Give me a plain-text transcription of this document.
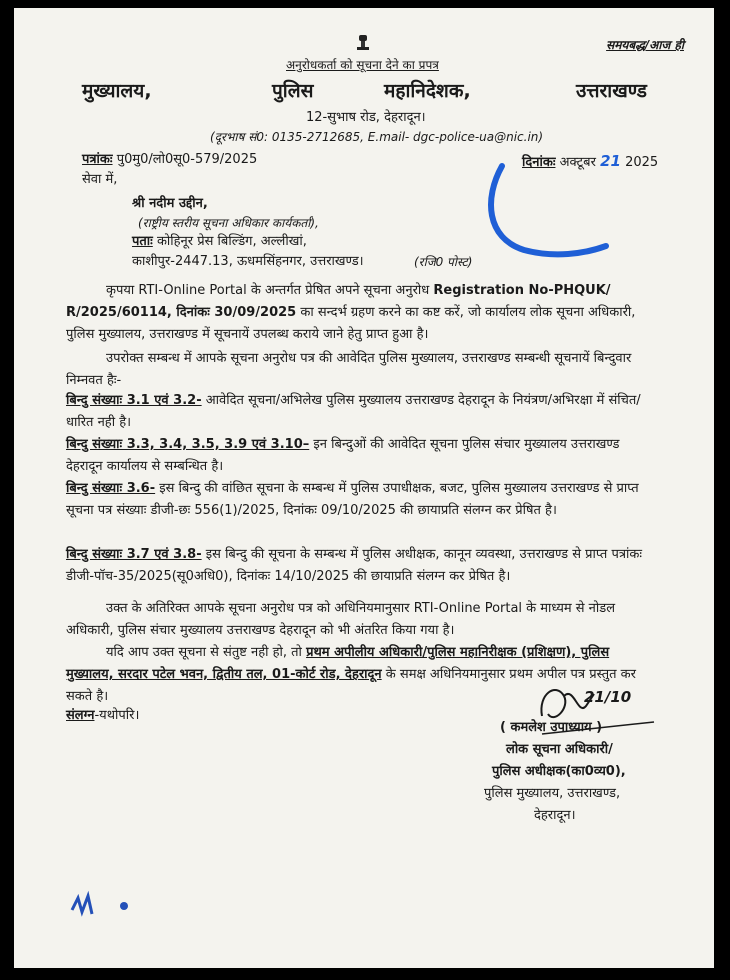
समयबद्ध/आज ही
अनुरोधकर्ता को सूचना देने का प्रपत्र
मुख्यालय,	पुलिस	महानिदेशक,	उत्तराखण्ड
12-सुभाष रोड, देहरादून।
(दूरभाष सं0: 0135-2712685, E.mail- dgc-police-ua@nic.in)
पत्रांकः पु0मु0/लो0सू0-579/2025	दिनांकः अक्टूबर 21 2025
सेवा में,
श्री नदीम उद्दीन,
(राष्ट्रीय स्तरीय सूचना अधिकार कार्यकर्ता),
पताः कोहिनूर प्रेस बिल्डिंग, अल्लीखां,
काशीपुर-2447.13, ऊधमसिंहनगर, उत्तराखण्ड।	(रजि0 पोस्ट)
कृपया RTI-Online Portal के अन्तर्गत प्रेषित अपने सूचना अनुरोध Registration No-PHQUK/ R/2025/60114, दिनांकः 30/09/2025 का सन्दर्भ ग्रहण करने का कष्ट करें, जो कार्यालय लोक सूचना अधिकारी, पुलिस मुख्यालय, उत्तराखण्ड में सूचनायें उपलब्ध कराये जाने हेतु प्राप्त हुआ है।
उपरोक्त सम्बन्ध में आपके सूचना अनुरोध पत्र की आवेदित पुलिस मुख्यालय, उत्तराखण्ड सम्बन्धी सूचनायें बिन्दुवार निम्नवत हैः-
बिन्दु संख्याः 3.1 एवं 3.2- आवेदित सूचना/अभिलेख पुलिस मुख्यालय उत्तराखण्ड देहरादून के नियंत्रण/अभिरक्षा में संचित/धारित नही है।
बिन्दु संख्याः 3.3, 3.4, 3.5, 3.9 एवं 3.10– इन बिन्दुओं की आवेदित सूचना पुलिस संचार मुख्यालय उत्तराखण्ड देहरादून कार्यालय से सम्बन्धित है।
बिन्दु संख्याः 3.6- इस बिन्दु की वांछित सूचना के सम्बन्ध में पुलिस उपाधीक्षक, बजट, पुलिस मुख्यालय उत्तराखण्ड से प्राप्त सूचना पत्र संख्याः डीजी-छः 556(1)/2025, दिनांकः 09/10/2025 की छायाप्रति संलग्न कर प्रेषित है।
बिन्दु संख्याः 3.7 एवं 3.8- इस बिन्दु की सूचना के सम्बन्ध में पुलिस अधीक्षक, कानून व्यवस्था, उत्तराखण्ड से प्राप्त पत्रांकः डीजी-पॉच-35/2025(सू0अधि0), दिनांकः 14/10/2025 की छायाप्रति संलग्न कर प्रेषित है।
उक्त के अतिरिक्त आपके सूचना अनुरोध पत्र को अधिनियमानुसार RTI-Online Portal के माध्यम से नोडल अधिकारी, पुलिस संचार मुख्यालय उत्तराखण्ड देहरादून को भी अंतरित किया गया है।
यदि आप उक्त सूचना से संतुष्ट नही हो, तो प्रथम अपीलीय अधिकारी/पुलिस महानिरीक्षक (प्रशिक्षण), पुलिस मुख्यालय, सरदार पटेल भवन, द्वितीय तल, 01-कोर्ट रोड, देहरादून के समक्ष अधिनियमानुसार प्रथम अपील पत्र प्रस्तुत कर सकते है।
संलग्न-यथोपरि।
21/10
( कमलेश उपाध्याय )
लोक सूचना अधिकारी/
पुलिस अधीक्षक(का0व्य0),
पुलिस मुख्यालय, उत्तराखण्ड,
देहरादून।
